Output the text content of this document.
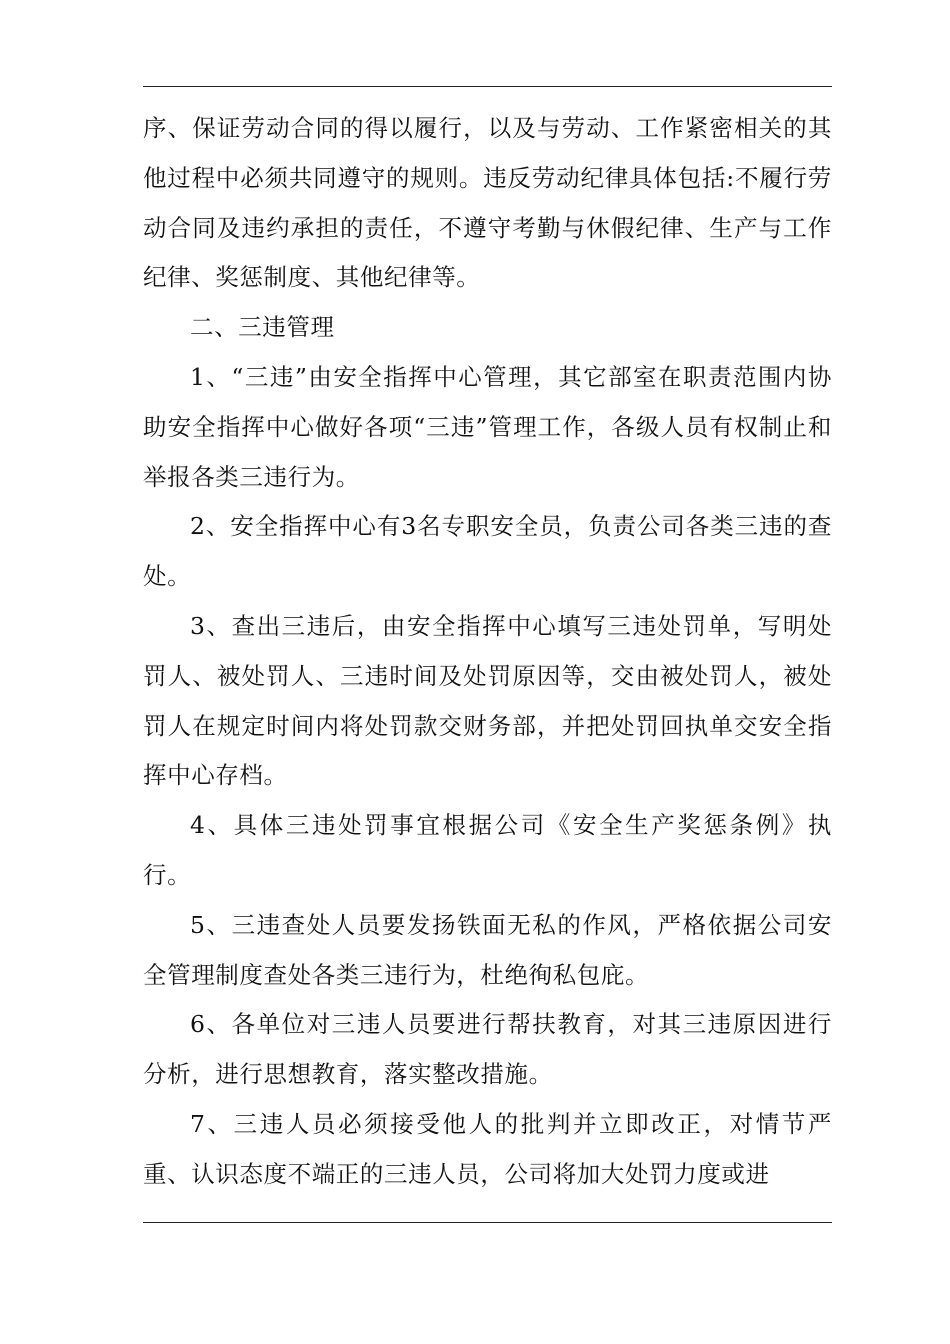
序、保证劳动合同的得以履行，以及与劳动、工作紧密相关的其他过程中必须共同遵守的规则。违反劳动纪律具体包括:不履行劳动合同及违约承担的责任，不遵守考勤与休假纪律、生产与工作纪律、奖惩制度、其他纪律等。

二、三违管理

1、“三违”由安全指挥中心管理，其它部室在职责范围内协助安全指挥中心做好各项“三违”管理工作，各级人员有权制止和举报各类三违行为。

2、安全指挥中心有3名专职安全员，负责公司各类三违的查处。

3、查出三违后，由安全指挥中心填写三违处罚单，写明处罚人、被处罚人、三违时间及处罚原因等，交由被处罚人，被处罚人在规定时间内将处罚款交财务部，并把处罚回执单交安全指挥中心存档。

4、具体三违处罚事宜根据公司《安全生产奖惩条例》执行。

5、三违查处人员要发扬铁面无私的作风，严格依据公司安全管理制度查处各类三违行为，杜绝徇私包庇。

6、各单位对三违人员要进行帮扶教育，对其三违原因进行分析，进行思想教育，落实整改措施。

7、三违人员必须接受他人的批判并立即改正，对情节严重、认识态度不端正的三违人员，公司将加大处罚力度或进
